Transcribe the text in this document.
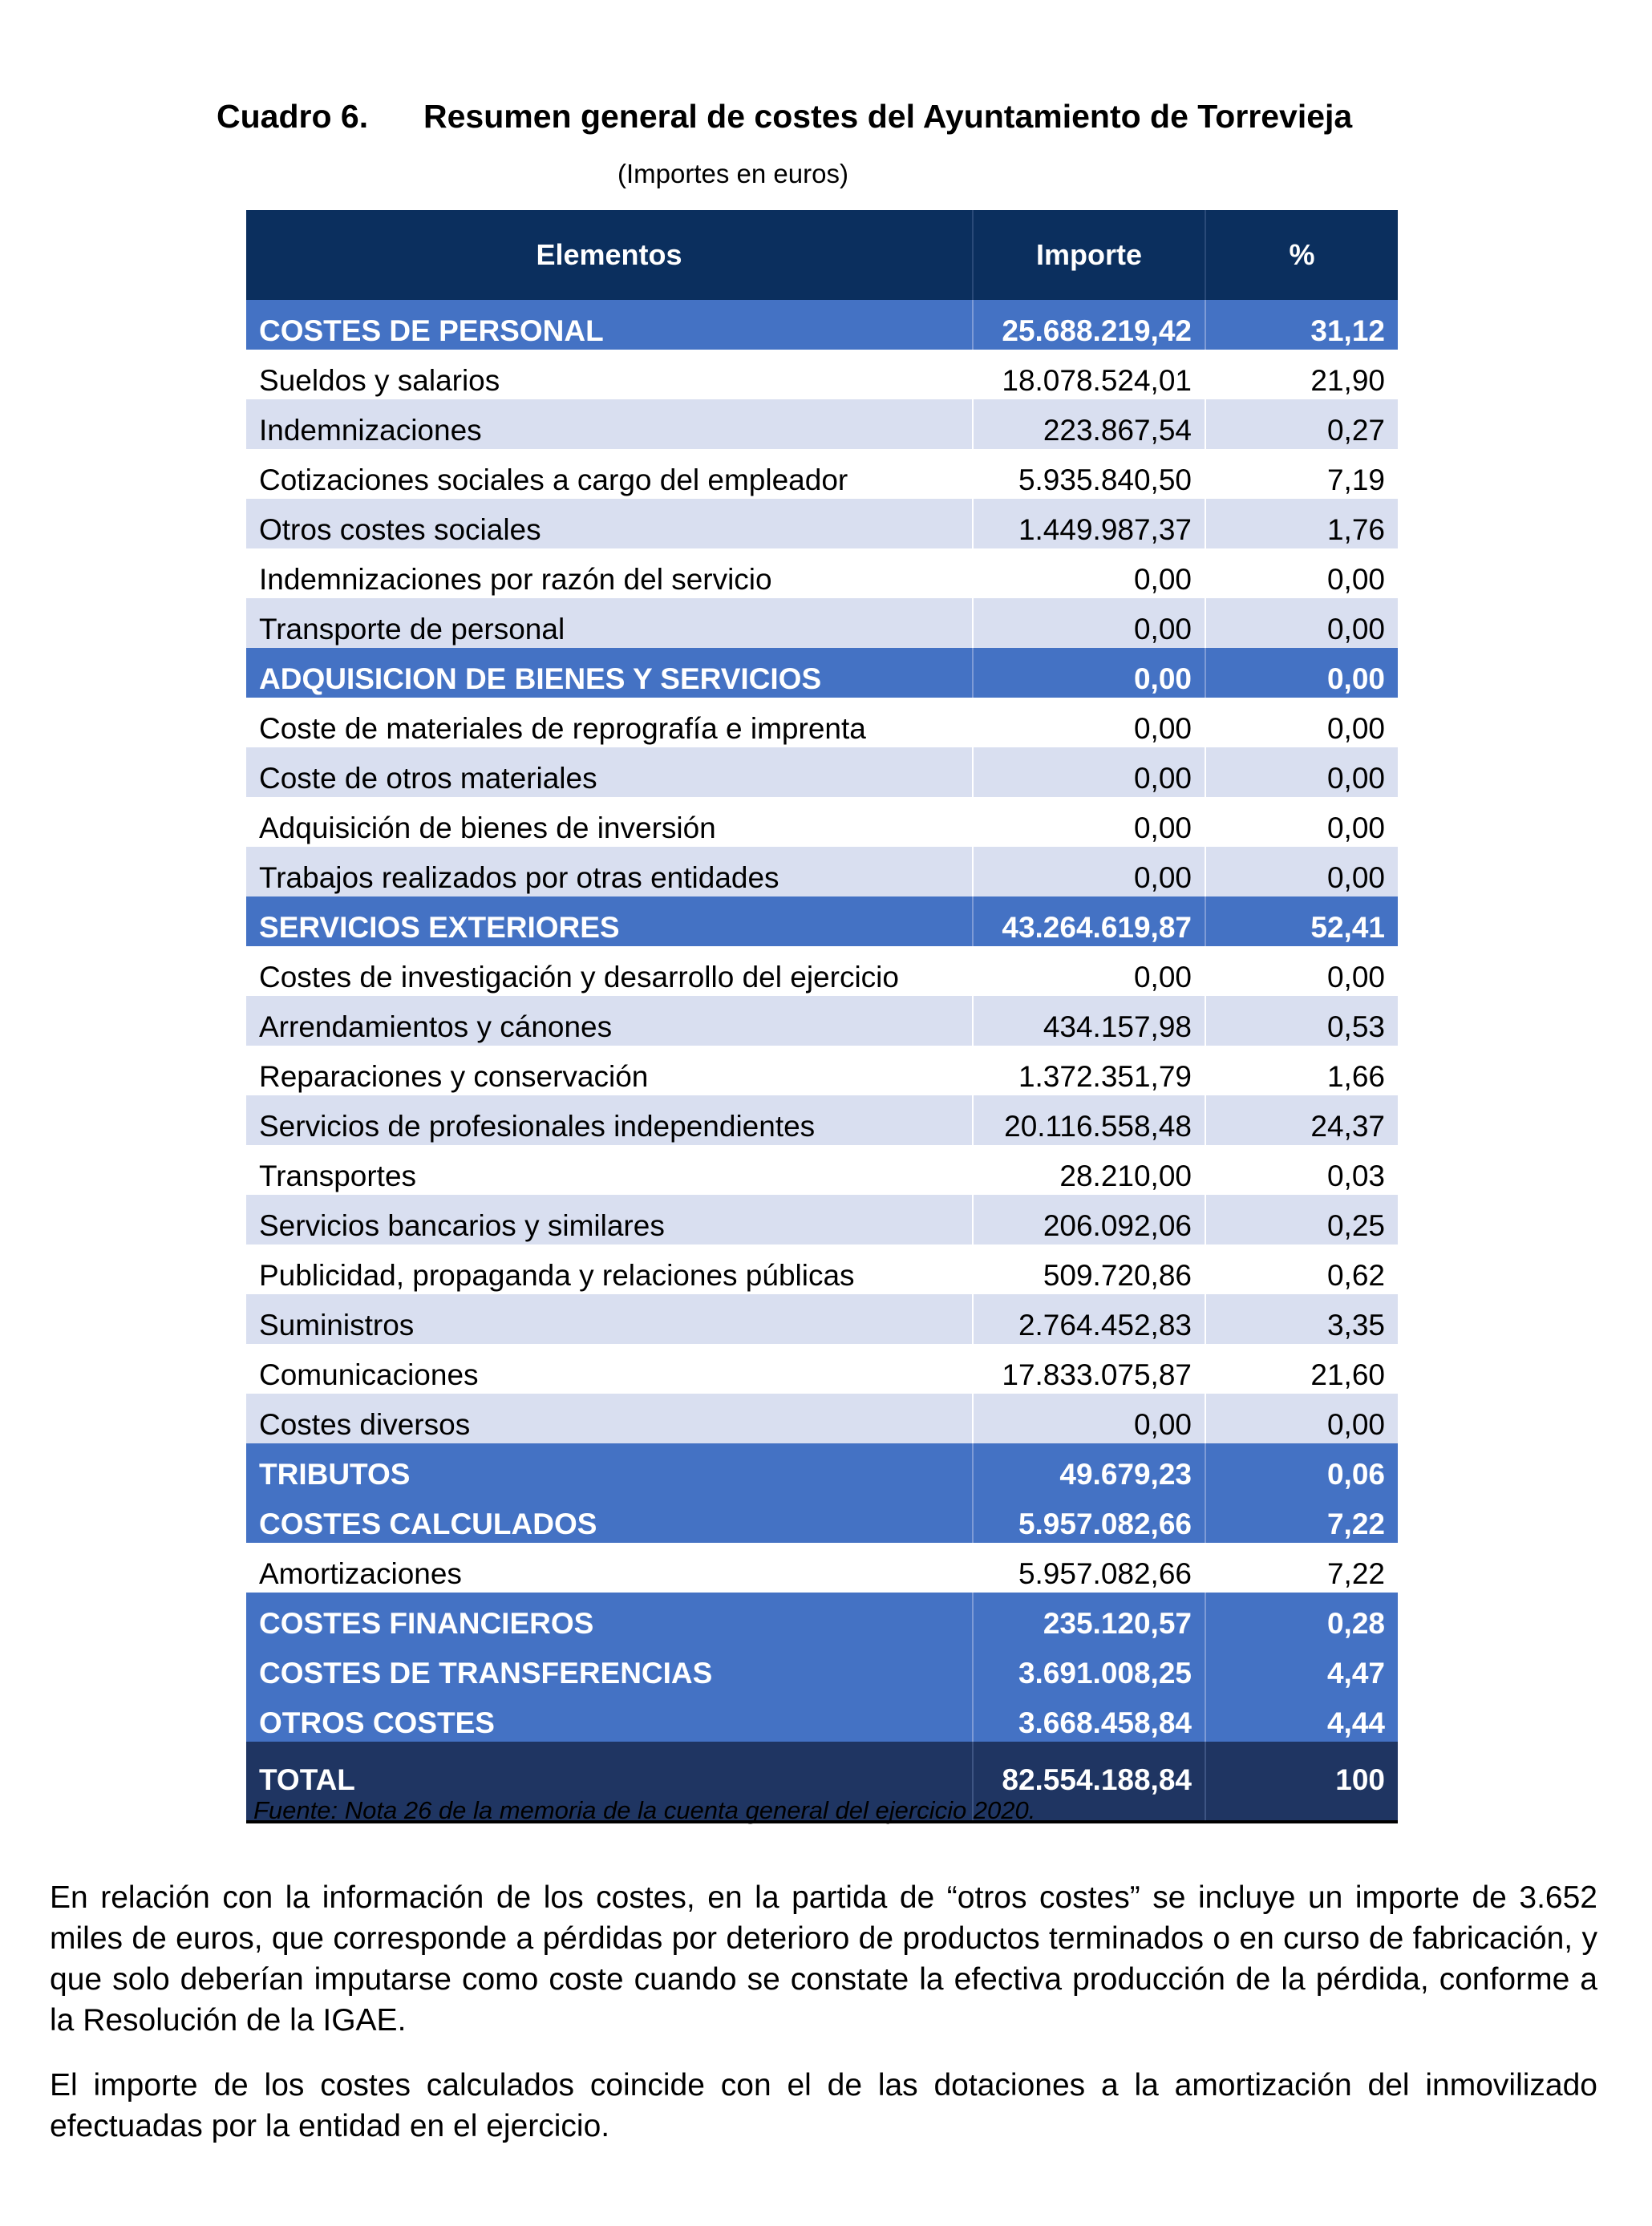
Cuadro 6. Resumen general de costes del Ayuntamiento de Torrevieja
(Importes en euros)
Elementos	Importe	%
COSTES DE PERSONAL	25.688.219,42	31,12
Sueldos y salarios	18.078.524,01	21,90
Indemnizaciones	223.867,54	0,27
Cotizaciones sociales a cargo del empleador	5.935.840,50	7,19
Otros costes sociales	1.449.987,37	1,76
Indemnizaciones por razón del servicio	0,00	0,00
Transporte de personal	0,00	0,00
ADQUISICION DE BIENES Y SERVICIOS	0,00	0,00
Coste de materiales de reprografía e imprenta	0,00	0,00
Coste de otros materiales	0,00	0,00
Adquisición de bienes de inversión	0,00	0,00
Trabajos realizados por otras entidades	0,00	0,00
SERVICIOS EXTERIORES	43.264.619,87	52,41
Costes de investigación y desarrollo del ejercicio	0,00	0,00
Arrendamientos y cánones	434.157,98	0,53
Reparaciones y conservación	1.372.351,79	1,66
Servicios de profesionales independientes	20.116.558,48	24,37
Transportes	28.210,00	0,03
Servicios bancarios y similares	206.092,06	0,25
Publicidad, propaganda y relaciones públicas	509.720,86	0,62
Suministros	2.764.452,83	3,35
Comunicaciones	17.833.075,87	21,60
Costes diversos	0,00	0,00
TRIBUTOS	49.679,23	0,06
COSTES CALCULADOS	5.957.082,66	7,22
Amortizaciones	5.957.082,66	7,22
COSTES FINANCIEROS	235.120,57	0,28
COSTES DE TRANSFERENCIAS	3.691.008,25	4,47
OTROS COSTES	3.668.458,84	4,44
TOTAL	82.554.188,84	100
Fuente: Nota 26 de la memoria de la cuenta general del ejercicio 2020.

En relación con la información de los costes, en la partida de “otros costes” se incluye un importe de 3.652 miles de euros, que corresponde a pérdidas por deterioro de productos terminados o en curso de fabricación, y que solo deberían imputarse como coste cuando se constate la efectiva producción de la pérdida, conforme a la Resolución de la IGAE.

El importe de los costes calculados coincide con el de las dotaciones a la amortización del inmovilizado efectuadas por la entidad en el ejercicio.
